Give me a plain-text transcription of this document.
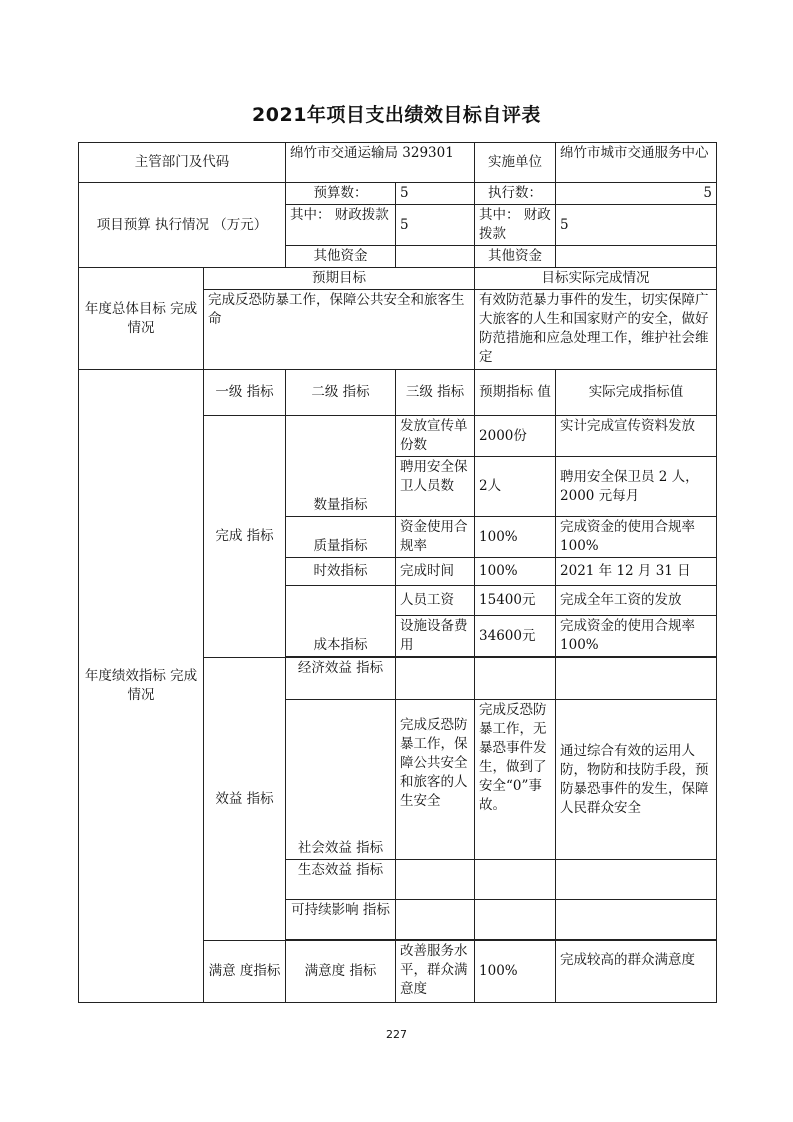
2021年项目支出绩效目标自评表
主管部门及代码		绵竹市交通运输局 329301		实施单位	绵竹市城市交通服务中心
项目预算 执行情况 （万元）		预算数：	5	执行数：	5
		其中： 财政拨款	5	其中： 财政拨款	5
		其他资金		其他资金	
年度总体目标 完成情况	预期目标			目标实际完成情况	
	完成反恐防暴工作，保障公共安全和旅客生命			有效防范暴力事件的发生，切实保障广大旅客的人生和国家财产的安全，做好防范措施和应急处理工作，维护社会维定	
年度绩效指标 完成情况	一级 指标	二级 指标	三级 指标	预期指标 值	实际完成指标值
	完成 指标	数量指标	发放宣传单份数	2000份	实计完成宣传资料发放
			聘用安全保卫人员数	2人	聘用安全保卫员 2 人，2000 元每月
		质量指标	资金使用合规率	100%	完成资金的使用合规率 100%
		时效指标	完成时间	100%	2021 年 12 月 31 日
		成本指标	人员工资	15400元	完成全年工资的发放
			设施设备费用	34600元	完成资金的使用合规率 100%

	效益 指标	经济效益 指标			
		社会效益 指标	完成反恐防暴工作，保障公共安全和旅客的人生安全	完成反恐防暴工作，无暴恐事件发生，做到了安全“0”事故。	通过综合有效的运用人防，物防和技防手段，预防暴恐事件的发生，保障人民群众安全
		生态效益 指标			
		可持续影响 指标			

	满意 度指标	满意度 指标	改善服务水平，群众满意度	100%	完成较高的群众满意度
227
